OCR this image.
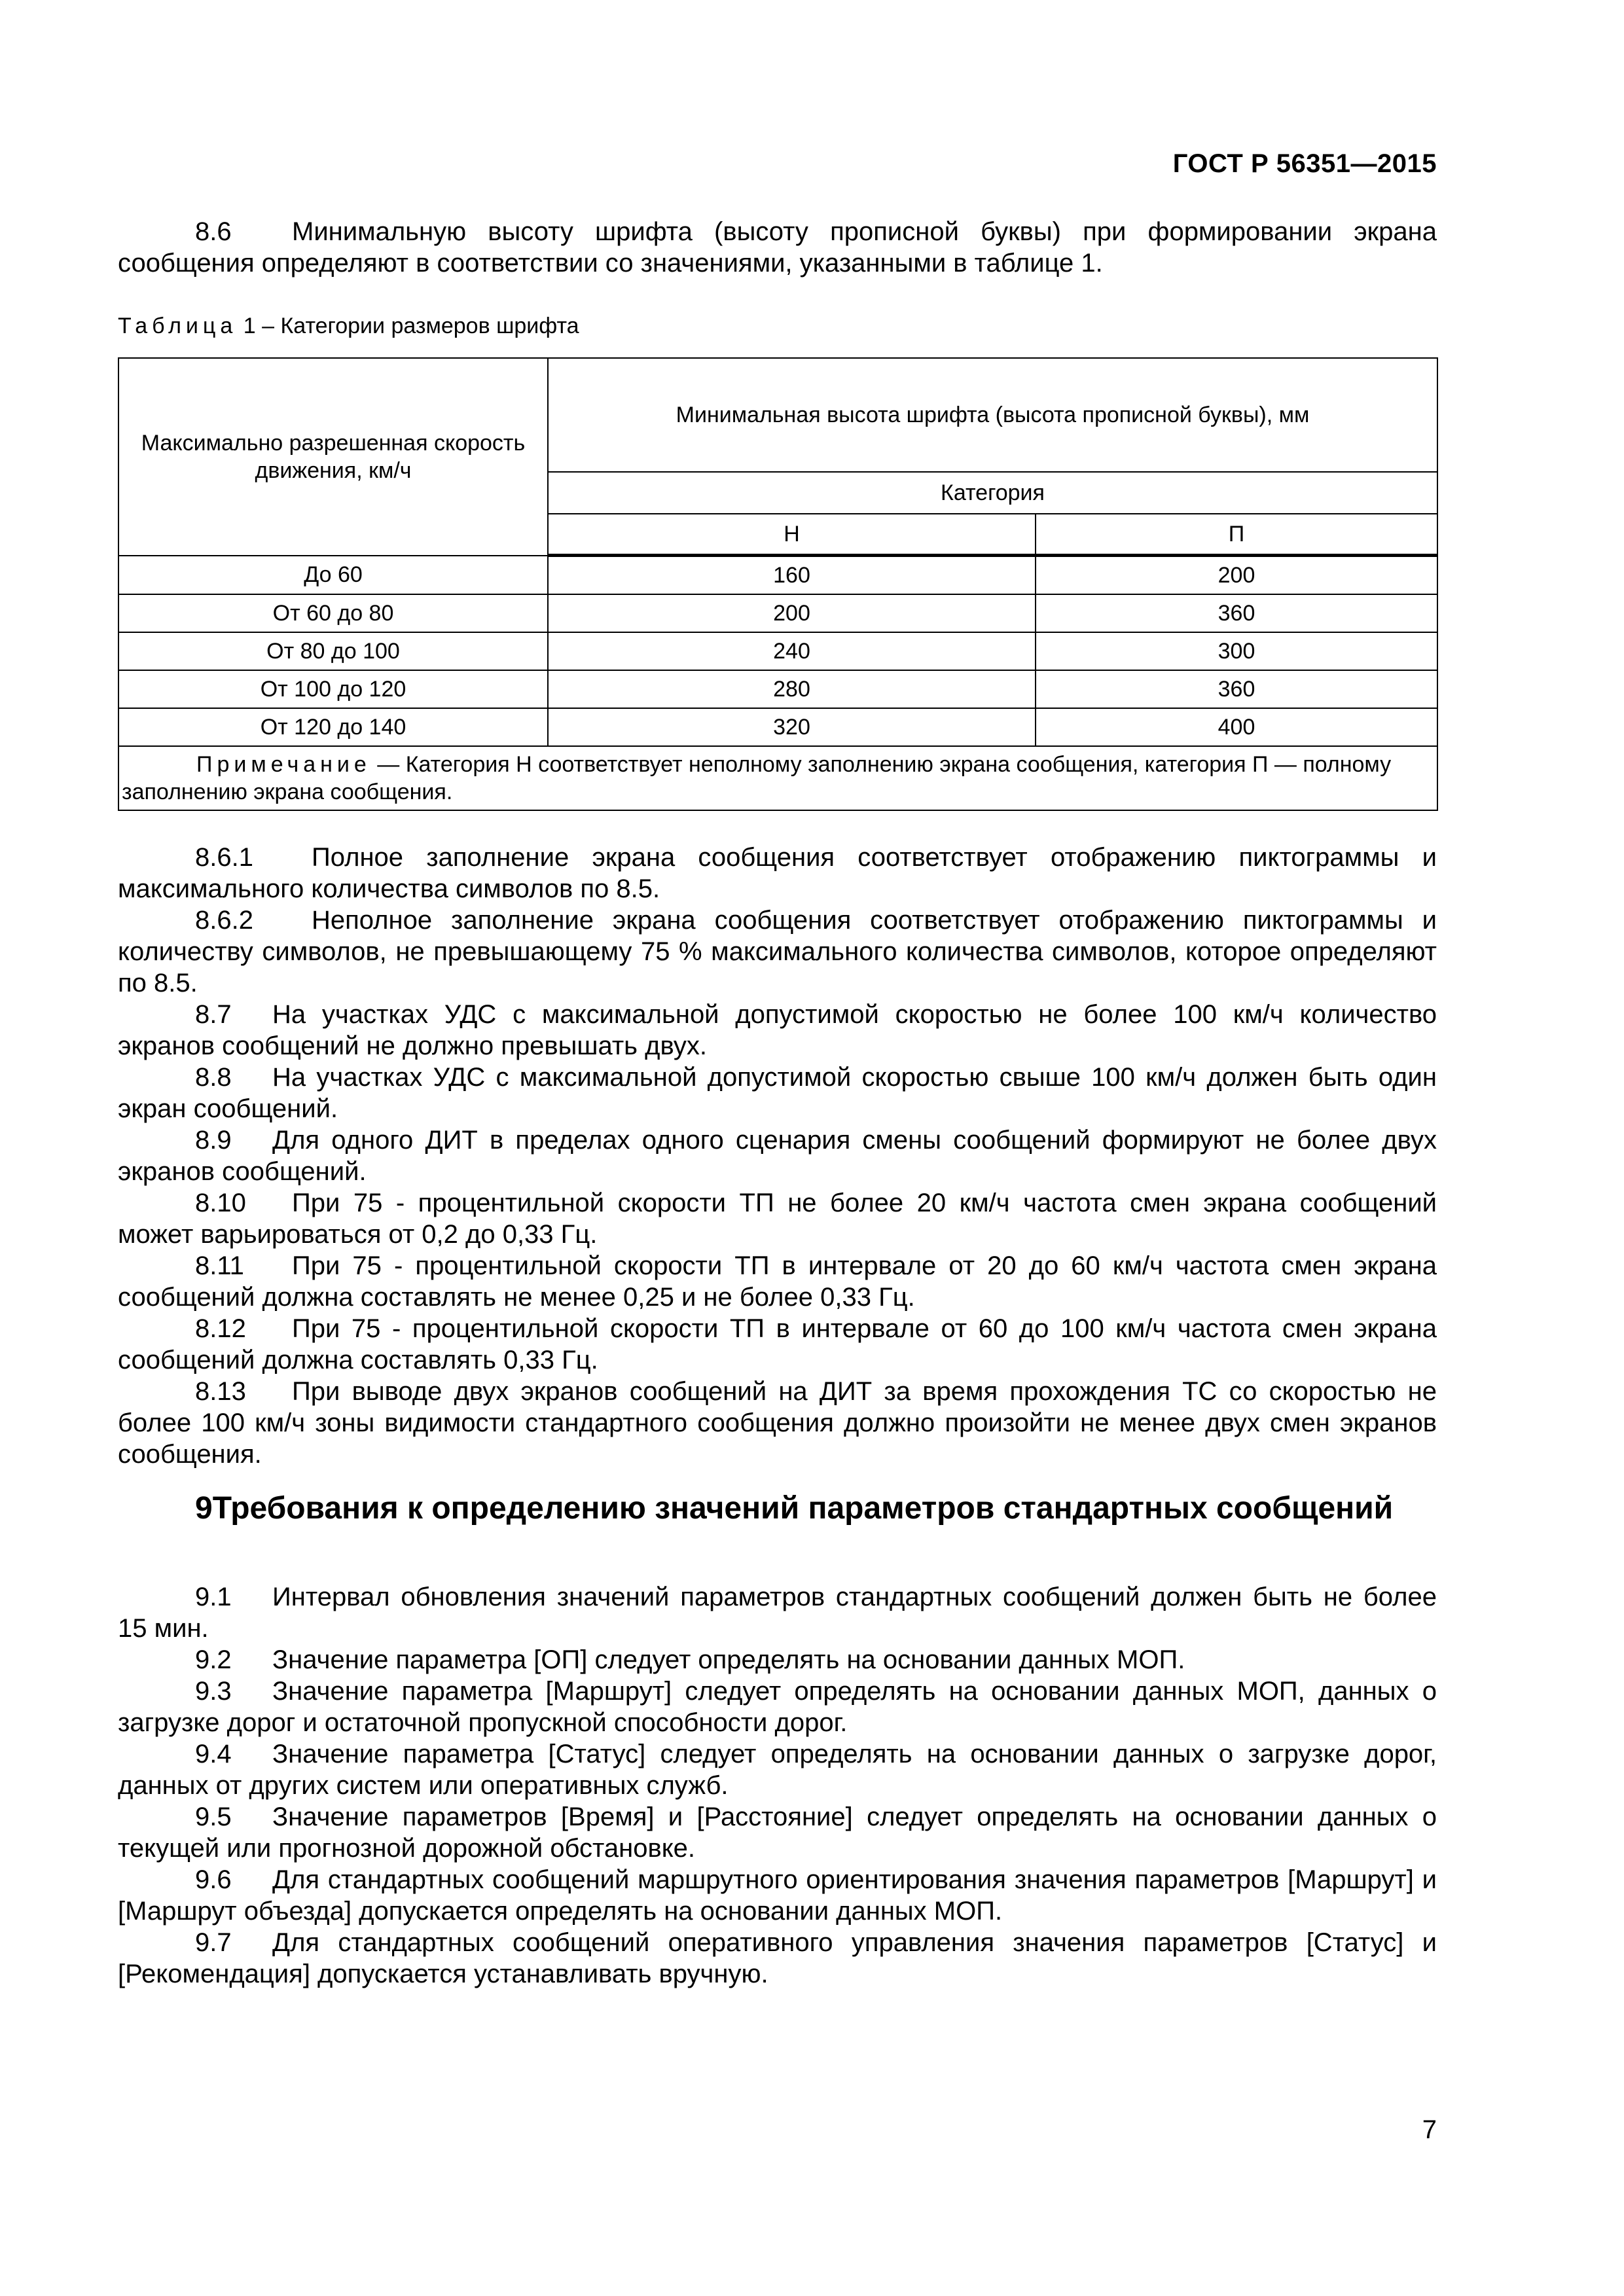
ГОСТ Р 56351—2015
8.6 Минимальную высоту шрифта (высоту прописной буквы) при формировании экрана сообщения определяют в соответствии со значениями, указанными в таблице 1.
Таблица 1 – Категории размеров шрифта
Максимально разрешенная скорость движения, км/ч	Минимальная высота шрифта (высота прописной буквы), мм	
	Категория	
	Н	П
До 60	160	200
От 60 до 80	200	360
От 80 до 100	240	300
От 100 до 120	280	360
От 120 до 140	320	400
Примечание — Категория Н соответствует неполному заполнению экрана сообщения, категория П — полному заполнению экрана сообщения.		
8.6.1 Полное заполнение экрана сообщения соответствует отображению пиктограммы и максимального количества символов по 8.5.
8.6.2 Неполное заполнение экрана сообщения соответствует отображению пиктограммы и количеству символов, не превышающему 75 % максимального количества символов, которое определяют по 8.5.
8.7 На участках УДС с максимальной допустимой скоростью не более 100 км/ч количество экранов сообщений не должно превышать двух.
8.8 На участках УДС с максимальной допустимой скоростью свыше 100 км/ч должен быть один экран сообщений.
8.9 Для одного ДИТ в пределах одного сценария смены сообщений формируют не более двух экранов сообщений.
8.10 При 75 - процентильной скорости ТП не более 20 км/ч частота смен экрана сообщений может варьироваться от 0,2 до 0,33 Гц.
8.11 При 75 - процентильной скорости ТП в интервале от 20 до 60 км/ч частота смен экрана сообщений должна составлять не менее 0,25 и не более 0,33 Гц.
8.12 При 75 - процентильной скорости ТП в интервале от 60 до 100 км/ч частота смен экрана сообщений должна составлять 0,33 Гц.
8.13 При выводе двух экранов сообщений на ДИТ за время прохождения ТС со скоростью не более 100 км/ч зоны видимости стандартного сообщения должно произойти не менее двух смен экранов сообщения.
9Требования к определению значений параметров стандартных сообщений
9.1 Интервал обновления значений параметров стандартных сообщений должен быть не более 15 мин.
9.2 Значение параметра [ОП] следует определять на основании данных МОП.
9.3 Значение параметра [Маршрут] следует определять на основании данных МОП, данных о загрузке дорог и остаточной пропускной способности дорог.
9.4 Значение параметра [Статус] следует определять на основании данных о загрузке дорог, данных от других систем или оперативных служб.
9.5 Значение параметров [Время] и [Расстояние] следует определять на основании данных о текущей или прогнозной дорожной обстановке.
9.6 Для стандартных сообщений маршрутного ориентирования значения параметров [Маршрут] и [Маршрут объезда] допускается определять на основании данных МОП.
9.7 Для стандартных сообщений оперативного управления значения параметров [Статус] и [Рекомендация] допускается устанавливать вручную.
7
